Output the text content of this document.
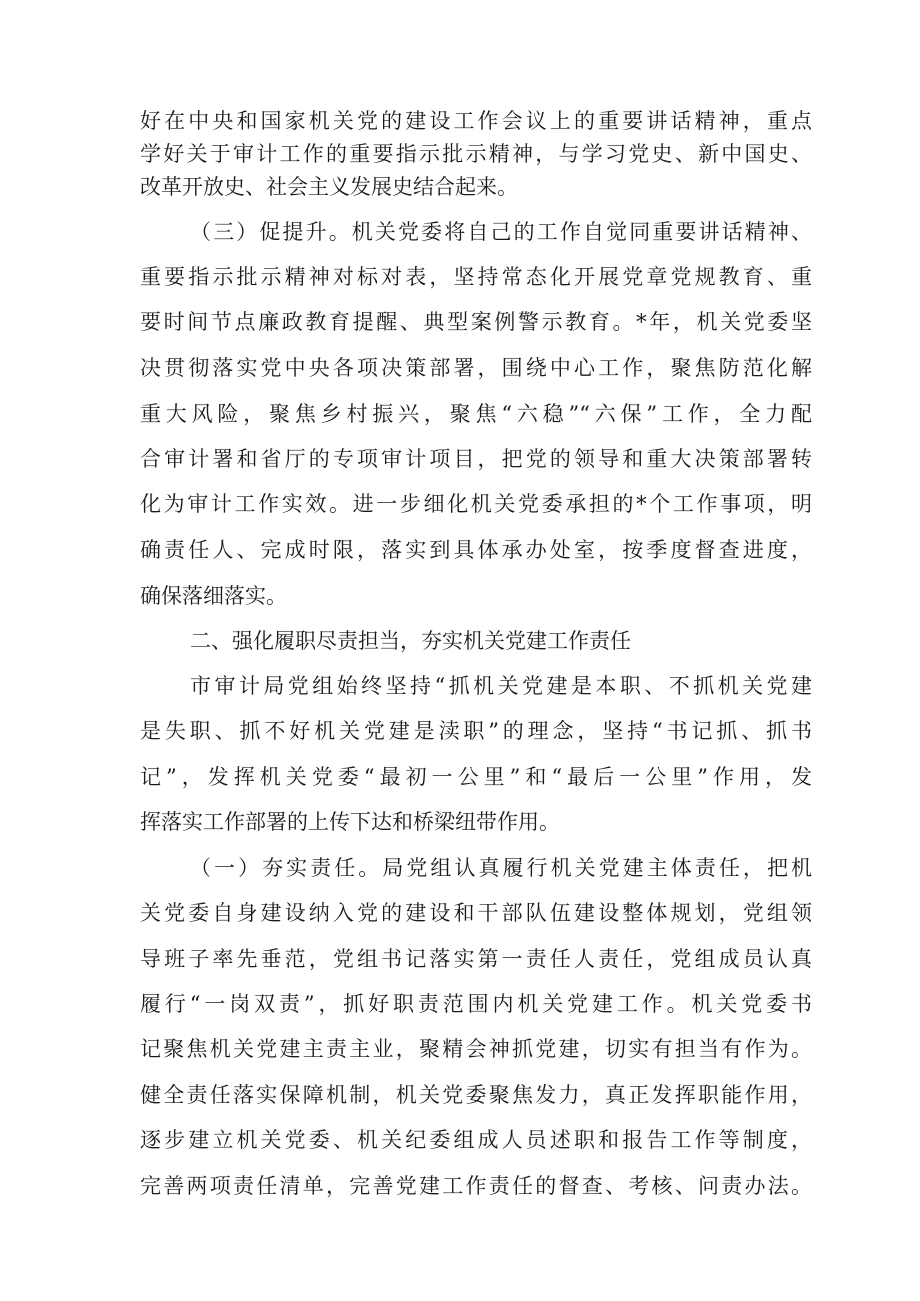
好在中央和国家机关党的建设工作会议上的重要讲话精神，重点
学好关于审计工作的重要指示批示精神，与学习党史、新中国史、
改革开放史、社会主义发展史结合起来。
（三）促提升。机关党委将自己的工作自觉同重要讲话精神、
重要指示批示精神对标对表，坚持常态化开展党章党规教育、重
要时间节点廉政教育提醒、典型案例警示教育。*年，机关党委坚
决贯彻落实党中央各项决策部署，围绕中心工作，聚焦防范化解
重大风险，聚焦乡村振兴，聚焦“六稳”“六保”工作，全力配
合审计署和省厅的专项审计项目，把党的领导和重大决策部署转
化为审计工作实效。进一步细化机关党委承担的*个工作事项，明
确责任人、完成时限，落实到具体承办处室，按季度督查进度，
确保落细落实。
二、强化履职尽责担当，夯实机关党建工作责任
市审计局党组始终坚持“抓机关党建是本职、不抓机关党建
是失职、抓不好机关党建是渎职”的理念，坚持“书记抓、抓书
记”，发挥机关党委“最初一公里”和“最后一公里”作用，发
挥落实工作部署的上传下达和桥梁纽带作用。
（一）夯实责任。局党组认真履行机关党建主体责任，把机
关党委自身建设纳入党的建设和干部队伍建设整体规划，党组领
导班子率先垂范，党组书记落实第一责任人责任，党组成员认真
履行“一岗双责”，抓好职责范围内机关党建工作。机关党委书
记聚焦机关党建主责主业，聚精会神抓党建，切实有担当有作为。
健全责任落实保障机制，机关党委聚焦发力，真正发挥职能作用，
逐步建立机关党委、机关纪委组成人员述职和报告工作等制度，
完善两项责任清单，完善党建工作责任的督查、考核、问责办法。
